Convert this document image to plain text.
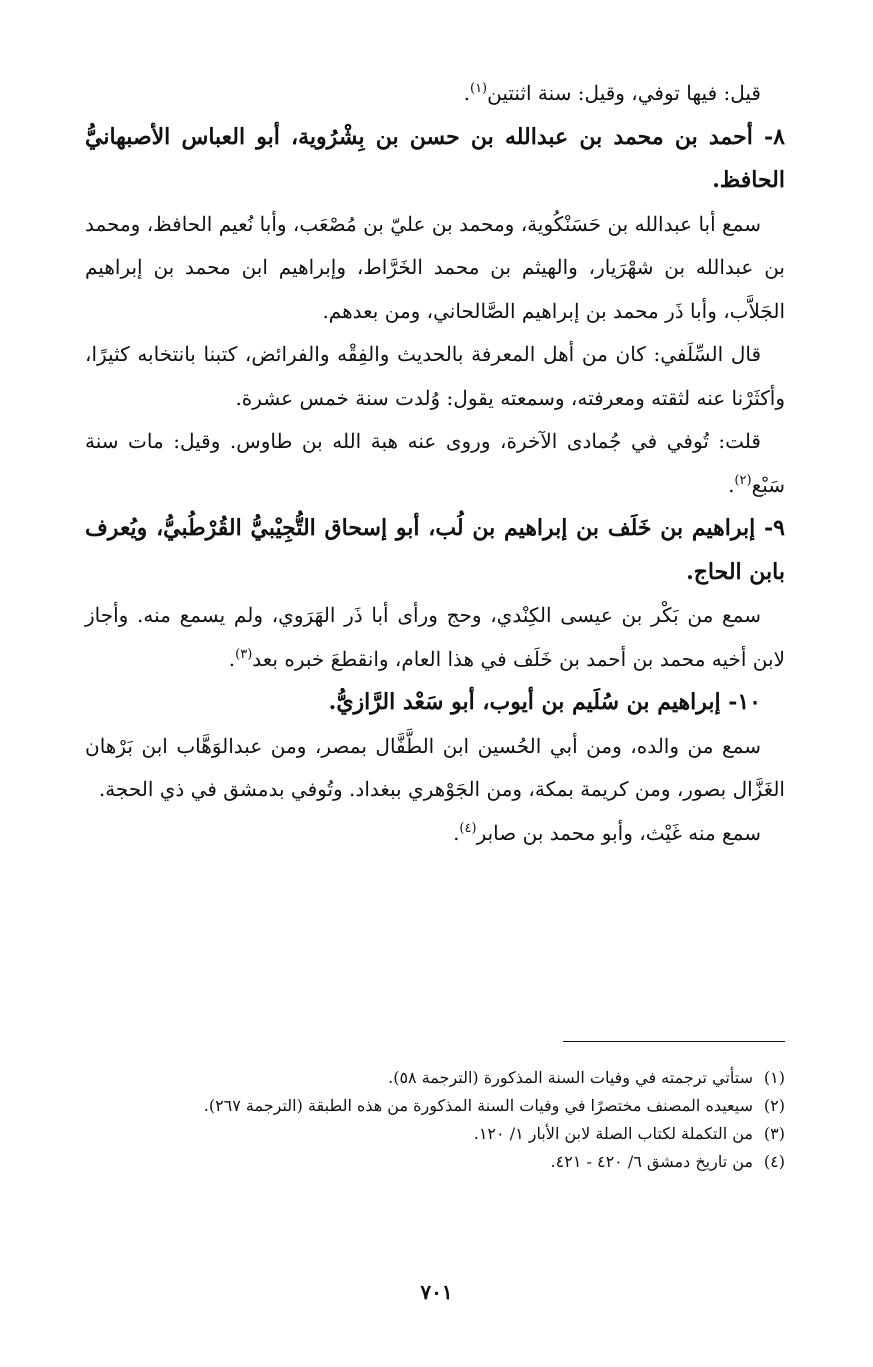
قيل: فيها توفي، وقيل: سنة اثنتين$^{(١)}$.

٨- أحمد بن محمد بن عبدالله بن حسن بن بِشْرُوية، أبو العباس الأصبهانيُّ الحافظ.

سمع أبا عبدالله بن حَسَنْكُوية، ومحمد بن عليّ بن مُصْعَب، وأبا نُعيم الحافظ، ومحمد بن عبدالله بن شهْرَيار، والهيثم بن محمد الخَرَّاط، وإبراهيم ابن محمد بن إبراهيم الجَلاَّب، وأبا ذَر محمد بن إبراهيم الصَّالحاني، ومن بعدهم.

قال السِّلَفي: كان من أهل المعرفة بالحديث والفِقْه والفرائض، كتبنا بانتخابه كثيرًا، وأكثَرْنا عنه لثقته ومعرفته، وسمعته يقول: وُلدت سنة خمس عشرة.

قلت: تُوفي في جُمادى الآخرة، وروى عنه هبة الله بن طاوس. وقيل: مات سنة سَبْع$^{(٢)}$.

٩- إبراهيم بن خَلَف بن إبراهيم بن لُب، أبو إسحاق التُّجِيْبيُّ القُرْطُبيُّ، ويُعرف بابن الحاج.

سمع من بَكْر بن عيسى الكِنْدي، وحج ورأى أبا ذَر الهَرَوي، ولم يسمع منه. وأجاز لابن أخيه محمد بن أحمد بن خَلَف في هذا العام، وانقطعَ خبره بعد$^{(٣)}$.

١٠- إبراهيم بن سُلَيم بن أيوب، أبو سَعْد الرَّازيُّ.

سمع من والده، ومن أبي الحُسين ابن الطَّفَّال بمصر، ومن عبدالوَهَّاب ابن بَرْهان الغَزَّال بصور، ومن كريمة بمكة، ومن الجَوْهري ببغداد. وتُوفي بدمشق في ذي الحجة.

سمع منه غَيْث، وأبو محمد بن صابر$^{(٤)}$.

(١)
ستأتي ترجمته في وفيات السنة المذكورة (الترجمة ٥٨).

(٢)
سيعيده المصنف مختصرًا في وفيات السنة المذكورة من هذه الطبقة (الترجمة ٢٦٧).

(٣)
من التكملة لكتاب الصلة لابن الأبار ١/ ١٢٠.

(٤)
من تاريخ دمشق ٦/ ٤٢٠ - ٤٢١.

٧٠١
